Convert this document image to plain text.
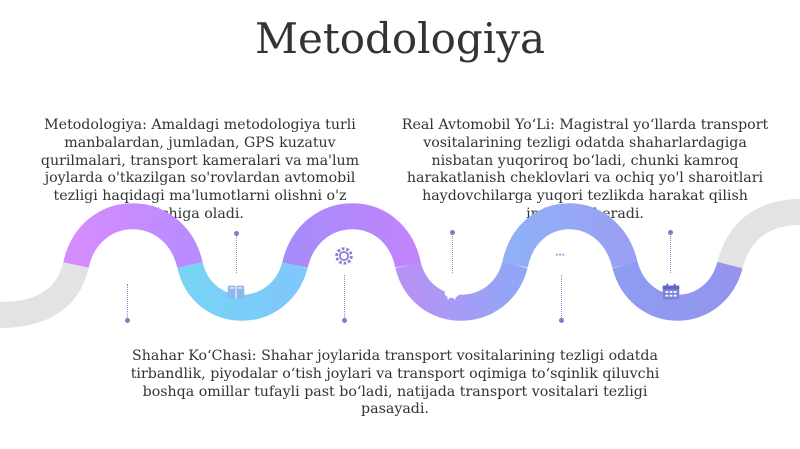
Metodologiya
Metodologiya: Amaldagi metodologiya turli manbalardan, jumladan, GPS kuzatuv qurilmalari, transport kameralari va ma'lum joylarda o'tkazilgan so'rovlardan avtomobil tezligi haqidagi ma'lumotlarni olishni o'z ichiga oladi.
Real Avtomobil Yo‘Li: Magistral yo‘llarda transport vositalarining tezligi odatda shaharlardagiga nisbatan yuqoriroq bo‘ladi, chunki kamroq harakatlanish cheklovlari va ochiq yo'l sharoitlari haydovchilarga yuqori tezlikda harakat qilish imkonini beradi.
Shahar Ko‘Chasi: Shahar joylarida transport vositalarining tezligi odatda tirbandlik, piyodalar o‘tish joylari va transport oqimiga to‘sqinlik qiluvchi boshqa omillar tufayli past bo‘ladi, natijada transport vositalari tezligi pasayadi.
